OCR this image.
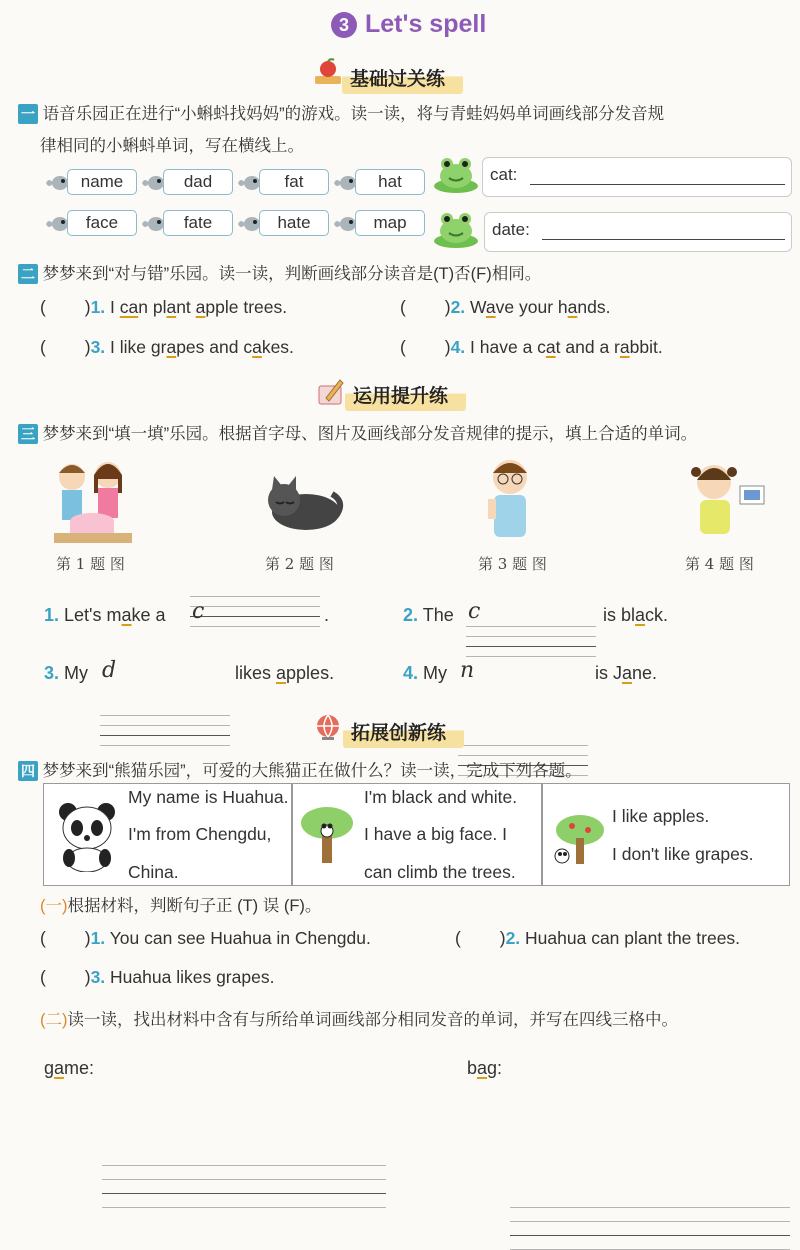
3 Let's spell
基础过关练
一 语音乐园正在进行“小蝌蚪找妈妈”的游戏。读一读，将与青蛙妈妈单词画线部分发音规
律相同的小蝌蚪单词，写在横线上。
name	dad	fat	hat
face	fate	hate	map
cat:
date:
二 梦梦来到“对与错”乐园。读一读，判断画线部分读音是(T)否(F)相同。
(        )1. I can plant apple trees.	(        )2. Wave your hands.
(        )3. I like grapes and cakes.	(        )4. I have a cat and a rabbit.
运用提升练
三 梦梦来到“填一填”乐园。根据首字母、图片及画线部分发音规律的提示，填上合适的单词。
第 1 题 图	第 2 题 图	第 3 题 图	第 4 题 图
1. Let's make a c	.	2. The c	is black.
3. My d	likes apples.	4. My n	is Jane.
拓展创新练
四 梦梦来到“熊猫乐园”，可爱的大熊猫正在做什么？读一读，完成下列各题。
My name is Huahua.
I'm from Chengdu,
China.
I'm black and white.
I have a big face. I
can climb the trees.
I like apples.
I don't like grapes.
(一)根据材料，判断句子正 (T) 误 (F)。
(        )1. You can see Huahua in Chengdu.	(        )2. Huahua can plant the trees.
(        )3. Huahua likes grapes.
(二)读一读，找出材料中含有与所给单词画线部分相同发音的单词，并写在四线三格中。
game:	bag:
